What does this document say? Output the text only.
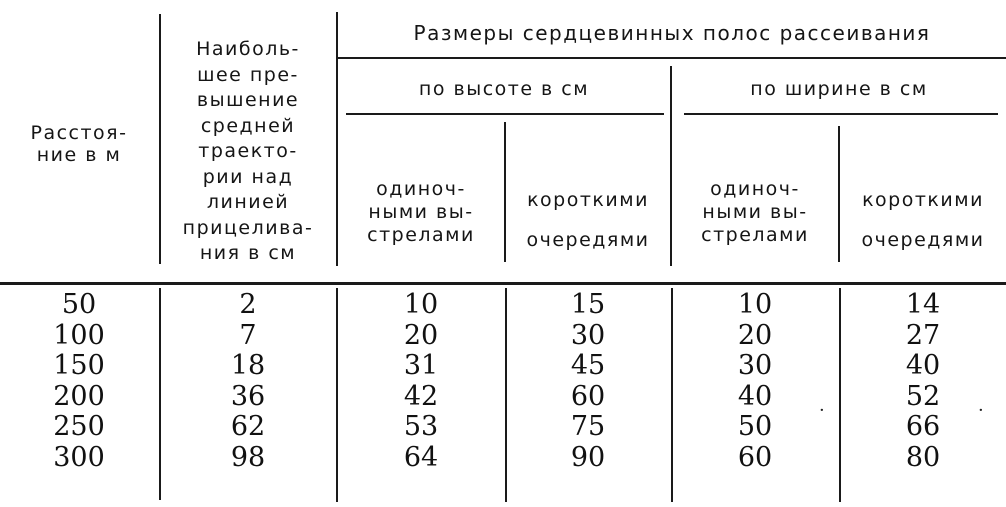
Расстоя-
ние в м
Наиболь-
шее пре-
вышение
средней
траекто-
рии над
линией
прицелива-
ния в см
Размеры сердцевинных полос рассеивания
по высоте в см	по ширине в см
одиноч-
ными вы-
стрелами
короткими
очередями
одиноч-
ными вы-
стрелами
короткими
очередями
50
100
150
200
250
300
2
7
18
36
62
98
10
20
31
42
53
64
15
30
45
60
75
90
10
20
30
40
50
60
14
27
40
52
66
80
·	·
